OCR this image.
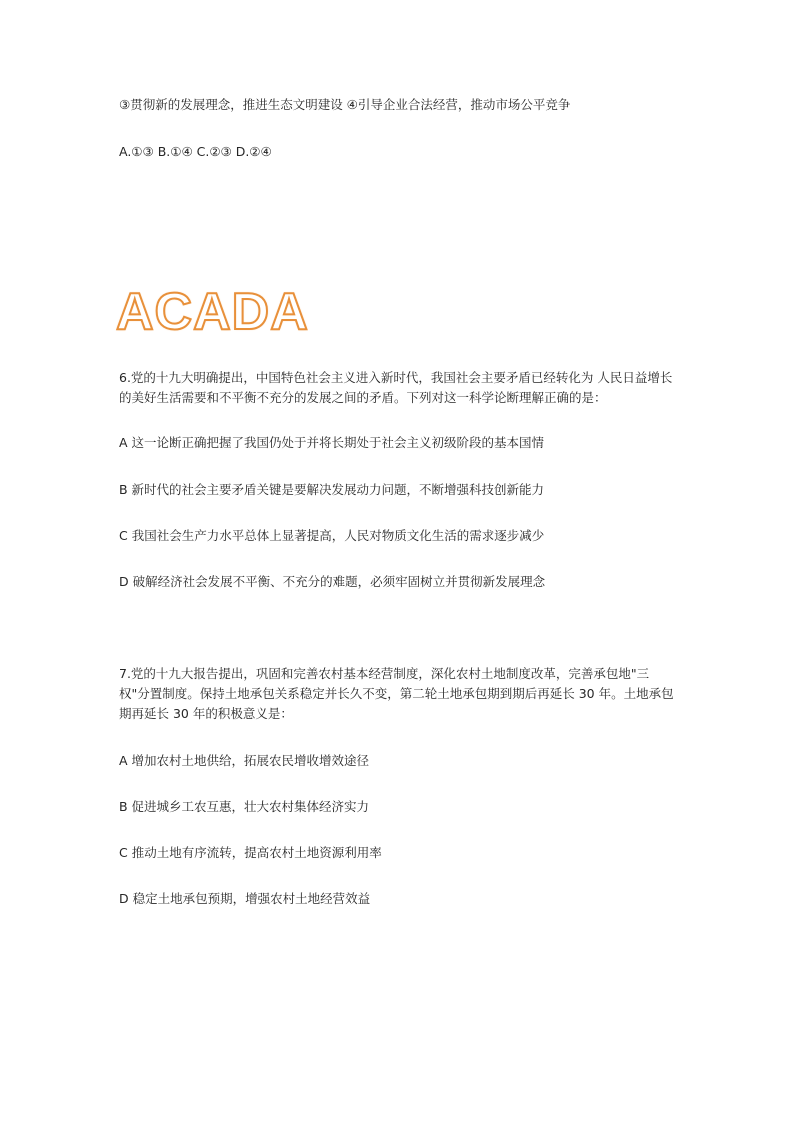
③贯彻新的发展理念，推进生态文明建设 ④引导企业合法经营，推动市场公平竞争
A.①③ B.①④ C.②③ D.②④
ACADA
6.党的十九大明确提出，中国特色社会主义进入新时代，我国社会主要矛盾已经转化为 人民日益增长的美好生活需要和不平衡不充分的发展之间的矛盾。下列对这一科学论断理解正确的是：
A 这一论断正确把握了我国仍处于并将长期处于社会主义初级阶段的基本国情
B 新时代的社会主要矛盾关键是要解决发展动力问题，不断增强科技创新能力
C 我国社会生产力水平总体上显著提高，人民对物质文化生活的需求逐步减少
D 破解经济社会发展不平衡、不充分的难题，必须牢固树立并贯彻新发展理念
7.党的十九大报告提出，巩固和完善农村基本经营制度，深化农村土地制度改革，完善承包地"三权"分置制度。保持土地承包关系稳定并长久不变，第二轮土地承包期到期后再延长 30 年。土地承包期再延长 30 年的积极意义是：
A 增加农村土地供给，拓展农民增收增效途径
B 促进城乡工农互惠，壮大农村集体经济实力
C 推动土地有序流转，提高农村土地资源利用率
D 稳定土地承包预期，增强农村土地经营效益
